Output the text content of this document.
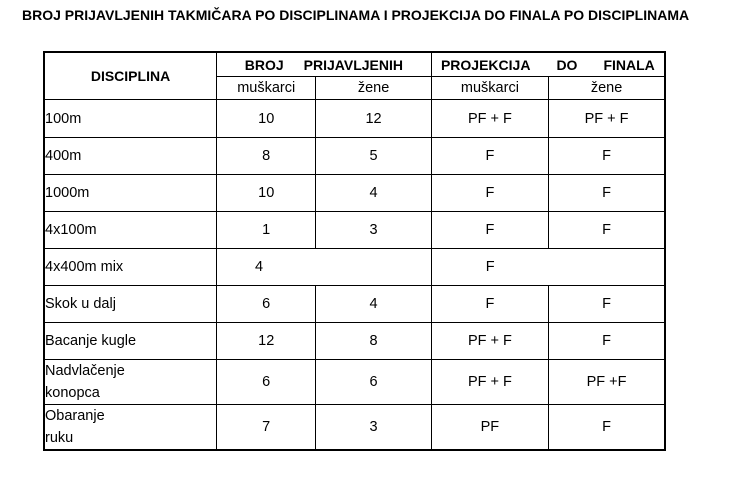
BROJ PRIJAVLJENIH TAKMIČARA PO DISCIPLINAMA I PROJEKCIJA DO FINALA PO DISCIPLINAMA
DISCIPLINA	BROJ PRIJAVLJENIH		PROJEKCIJA DO FINALA	

	muškarci	žene	muškarci	žene
100m	10	12	PF + F	PF + F
400m	8	5	F	F
1000m	10	4	F	F
4x100m	1	3	F	F
4x400m mix	4		F	
Skok u dalj	6	4	F	F
Bacanje kugle	12	8	PF + F	F

Nadvlačenje
konopca	6	6	PF + F	PF +F

Obaranje
ruku	7	3	PF	F
